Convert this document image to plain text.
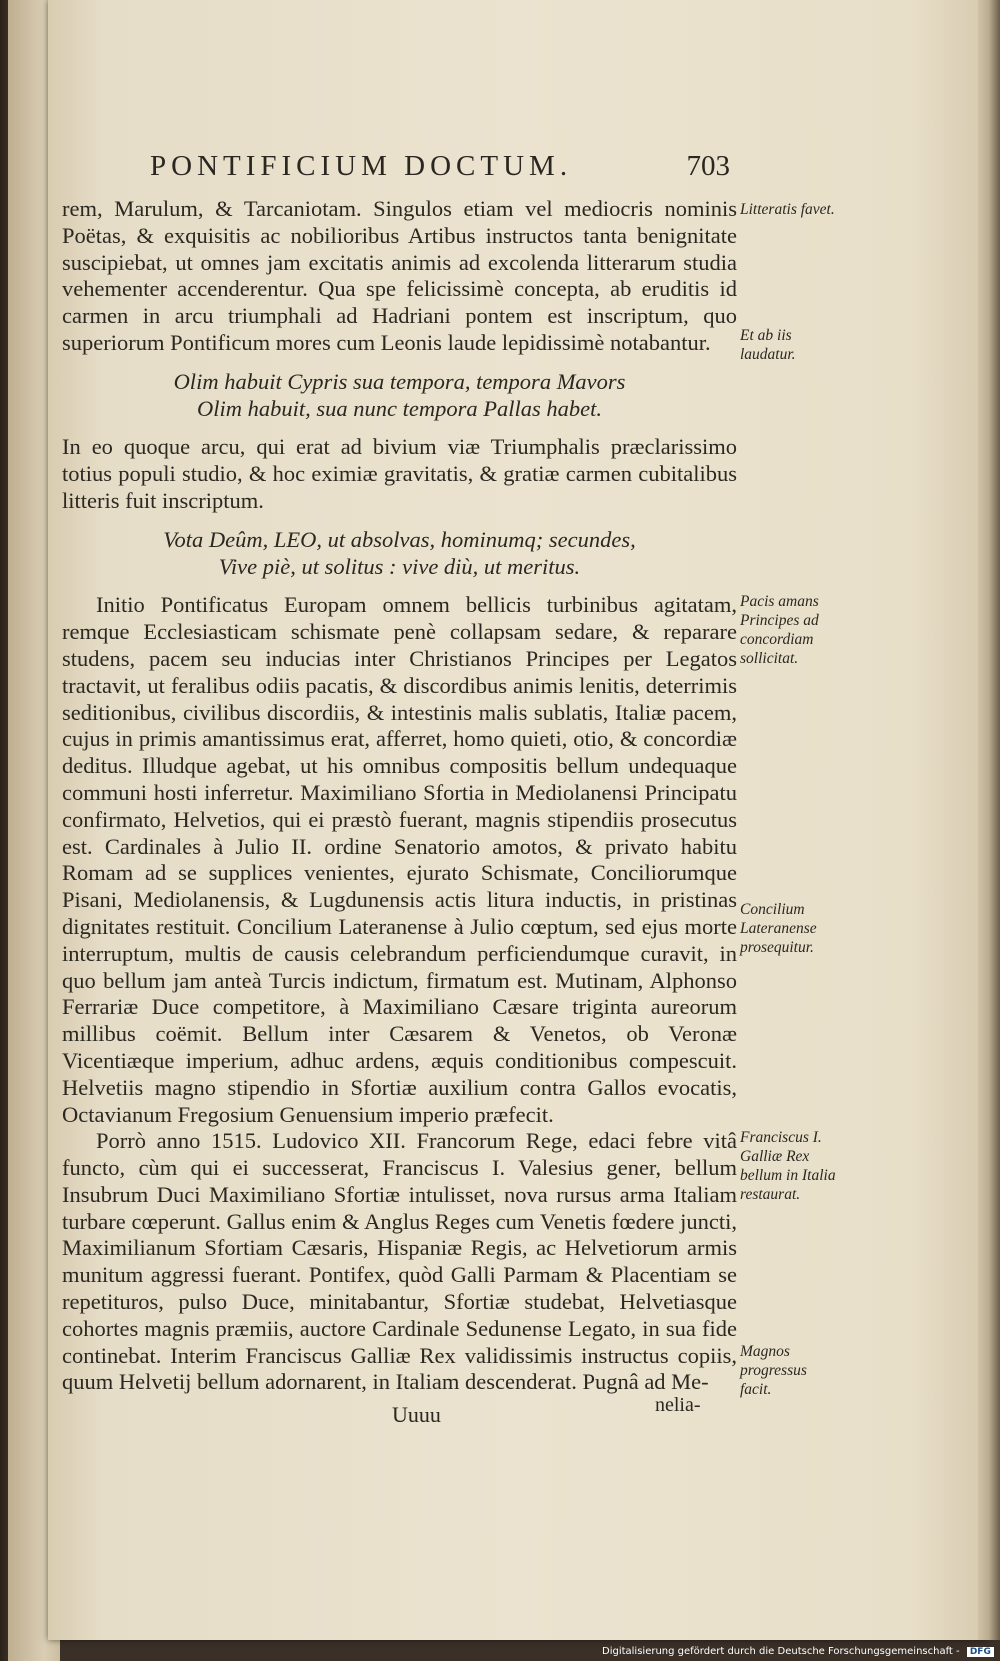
PONTIFICIUM DOCTUM.	703

rem, Marulum, & Tarcaniotam. Singulos etiam vel mediocris nominis Poëtas, & exquisitis ac nobilioribus Artibus instructos tanta benignitate suscipiebat, ut omnes jam excitatis animis ad excolenda litterarum studia vehementer accenderentur. Qua spe felicissimè concepta, ab eruditis id carmen in arcu triumphali ad Hadriani pontem est inscriptum, quo superiorum Pontificum mores cum Leonis laude lepidissimè notabantur.

Olim habuit Cypris sua tempora, tempora Mavors
Olim habuit, sua nunc tempora Pallas habet.

In eo quoque arcu, qui erat ad bivium viæ Triumphalis præclarissimo totius populi studio, & hoc eximiæ gravitatis, & gratiæ carmen cubitalibus litteris fuit inscriptum.

Vota Deûm, LEO, ut absolvas, hominumq; secundes,
Vive piè, ut solitus : vive diù, ut meritus.

Initio Pontificatus Europam omnem bellicis turbinibus agitatam, remque Ecclesiasticam schismate penè collapsam sedare, & reparare studens, pacem seu inducias inter Christianos Principes per Legatos tractavit, ut feralibus odiis pacatis, & discordibus animis lenitis, deterrimis seditionibus, civilibus discordiis, & intestinis malis sublatis, Italiæ pacem, cujus in primis amantissimus erat, afferret, homo quieti, otio, & concordiæ deditus. Illudque agebat, ut his omnibus compositis bellum undequaque communi hosti inferretur. Maximiliano Sfortia in Mediolanensi Principatu confirmato, Helvetios, qui ei præstò fuerant, magnis stipendiis prosecutus est. Cardinales à Julio II. ordine Senatorio amotos, & privato habitu Romam ad se supplices venientes, ejurato Schismate, Conciliorumque Pisani, Mediolanensis, & Lugdunensis actis litura inductis, in pristinas dignitates restituit. Concilium Lateranense à Julio cœptum, sed ejus morte interruptum, multis de causis celebrandum perficiendumque curavit, in quo bellum jam anteà Turcis indictum, firmatum est. Mutinam, Alphonso Ferrariæ Duce competitore, à Maximiliano Cæsare triginta aureorum millibus coëmit. Bellum inter Cæsarem & Venetos, ob Veronæ Vicentiæque imperium, adhuc ardens, æquis conditionibus compescuit. Helvetiis magno stipendio in Sfortiæ auxilium contra Gallos evocatis, Octavianum Fregosium Genuensium imperio præfecit.

Porrò anno 1515. Ludovico XII. Francorum Rege, edaci febre vitâ functo, cùm qui ei successerat, Franciscus I. Valesius gener, bellum Insubrum Duci Maximiliano Sfortiæ intulisset, nova rursus arma Italiam turbare cœperunt. Gallus enim & Anglus Reges cum Venetis fœdere juncti, Maximilianum Sfortiam Cæsaris, Hispaniæ Regis, ac Helvetiorum armis munitum aggressi fuerant. Pontifex, quòd Galli Parmam & Placentiam se repetituros, pulso Duce, minitabantur, Sfortiæ studebat, Helvetiasque cohortes magnis præmiis, auctore Cardinale Sedunense Legato, in sua fide continebat. Interim Franciscus Galliæ Rex validissimis instructus copiis, quum Helvetij bellum adornarent, in Italiam descenderat. Pugnâ ad Me-

Uuuu	nelia-
Litteratis favet.
Et ab iis laudatur.
Pacis amans Principes ad concordiam sollicitat.
Concilium Lateranense prosequitur.
Franciscus I. Galliæ Rex bellum in Italia restaurat.
Magnos progressus facit.
Digitalisierung gefördert durch die Deutsche Forschungsgemeinschaft - DFG
